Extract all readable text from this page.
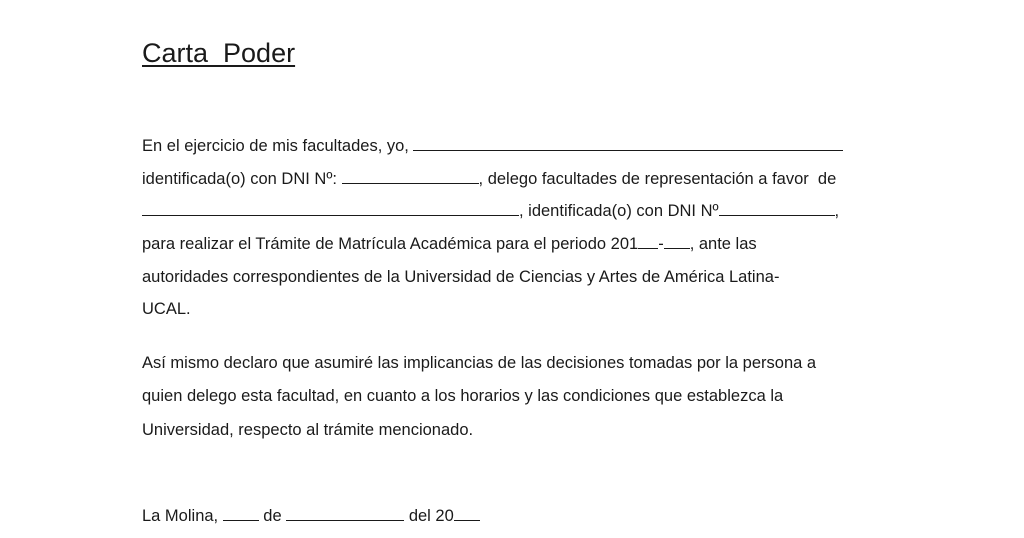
Carta  Poder
En el ejercicio de mis facultades, yo,
identificada(o) con DNI Nº:	, delego facultades de representación a favor  de
, identificada(o) con DNI Nº	,
para realizar el Trámite de Matrícula Académica para el periodo 201 - , ante las
autoridades correspondientes de la Universidad de Ciencias y Artes de América Latina-
UCAL.
Así mismo declaro que asumiré las implicancias de las decisiones tomadas por la persona a
quien delego esta facultad, en cuanto a los horarios y las condiciones que establezca la
Universidad, respecto al trámite mencionado.
La Molina,  de	del 20
